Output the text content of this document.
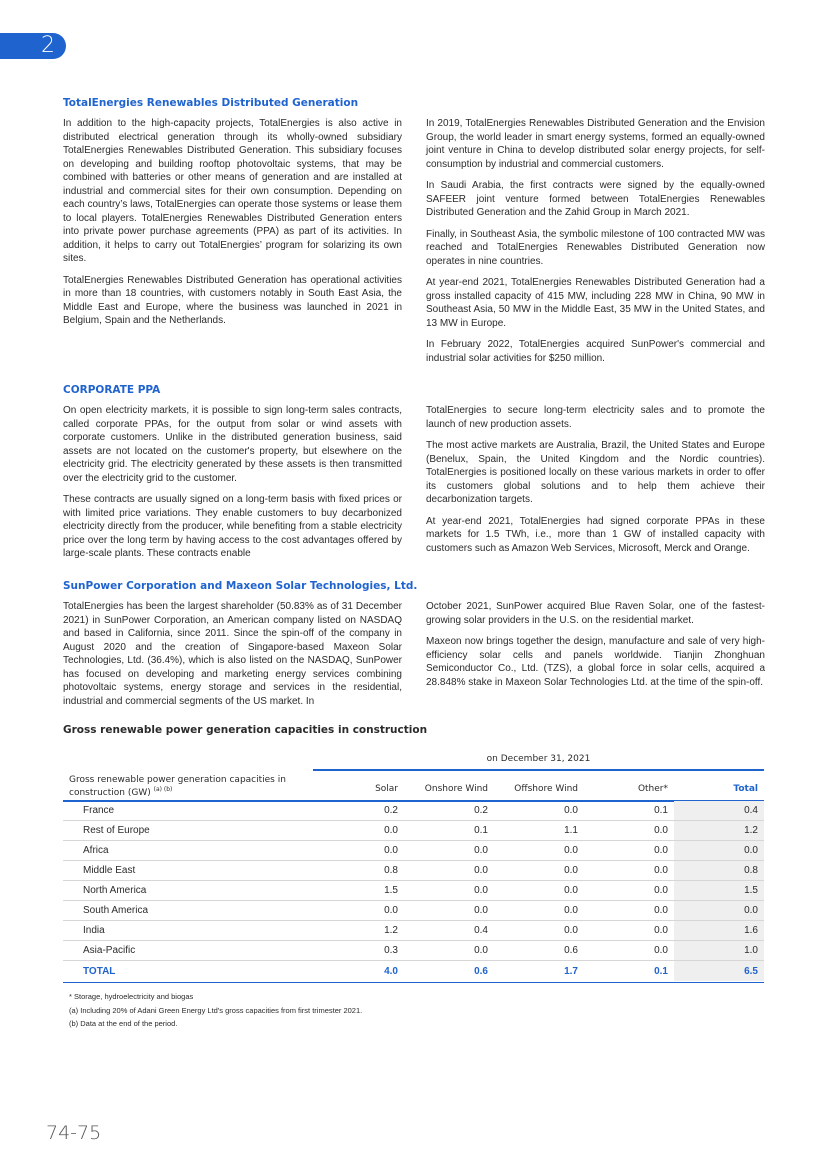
2
TotalEnergies Renewables Distributed Generation

In addition to the high-capacity projects, TotalEnergies is also active in distributed electrical generation through its wholly-owned subsidiary TotalEnergies Renewables Distributed Generation. This subsidiary focuses on developing and building rooftop photovoltaic systems, that may be combined with batteries or other means of generation and are installed at industrial and commercial sites for their own consumption. Depending on each country’s laws, TotalEnergies can operate those systems or lease them to local players. TotalEnergies Renewables Distributed Generation enters into private power purchase agreements (PPA) as part of its activities. In addition, it helps to carry out TotalEnergies’ program for solarizing its own sites.

TotalEnergies Renewables Distributed Generation has operational activities in more than 18 countries, with customers notably in South East Asia, the Middle East and Europe, where the business was launched in 2021 in Belgium, Spain and the Netherlands.

In 2019, TotalEnergies Renewables Distributed Generation and the Envision Group, the world leader in smart energy systems, formed an equally-owned joint venture in China to develop distributed solar energy projects, for self-consumption by industrial and commercial customers.

In Saudi Arabia, the first contracts were signed by the equally-owned SAFEER joint venture formed between TotalEnergies Renewables Distributed Generation and the Zahid Group in March 2021.

Finally, in Southeast Asia, the symbolic milestone of 100 contracted MW was reached and TotalEnergies Renewables Distributed Generation now operates in nine countries.

At year-end 2021, TotalEnergies Renewables Distributed Generation had a gross installed capacity of 415 MW, including 228 MW in China, 90 MW in Southeast Asia, 50 MW in the Middle East, 35 MW in the United States, and 13 MW in Europe.

In February 2022, TotalEnergies acquired SunPower's commercial and industrial solar activities for $250 million.

CORPORATE PPA

On open electricity markets, it is possible to sign long-term sales contracts, called corporate PPAs, for the output from solar or wind assets with corporate customers. Unlike in the distributed generation business, said assets are not located on the customer's property, but elsewhere on the electricity grid. The electricity generated by these assets is then transmitted over the electricity grid to the customer.

These contracts are usually signed on a long-term basis with fixed prices or with limited price variations. They enable customers to buy decarbonized electricity directly from the producer, while benefiting from a stable electricity price over the long term by having access to the cost advantages offered by large-scale plants. These contracts enable

TotalEnergies to secure long-term electricity sales and to promote the launch of new production assets.

The most active markets are Australia, Brazil, the United States and Europe (Benelux, Spain, the United Kingdom and the Nordic countries). TotalEnergies is positioned locally on these various markets in order to offer its customers global solutions and to help them achieve their decarbonization targets.

At year-end 2021, TotalEnergies had signed corporate PPAs in these markets for 1.5 TWh, i.e., more than 1 GW of installed capacity with customers such as Amazon Web Services, Microsoft, Merck and Orange.

SunPower Corporation and Maxeon Solar Technologies, Ltd.

TotalEnergies has been the largest shareholder (50.83% as of 31 December 2021) in SunPower Corporation, an American company listed on NASDAQ and based in California, since 2011. Since the spin-off of the company in August 2020 and the creation of Singapore-based Maxeon Solar Technologies, Ltd. (36.4%), which is also listed on the NASDAQ, SunPower has focused on developing and marketing energy services combining photovoltaic systems, energy storage and services in the residential, industrial and commercial segments of the US market. In

October 2021, SunPower acquired Blue Raven Solar, one of the fastest-growing solar providers in the U.S. on the residential market.

Maxeon now brings together the design, manufacture and sale of very high-efficiency solar cells and panels worldwide. Tianjin Zhonghuan Semiconductor Co., Ltd. (TZS), a global force in solar cells, acquired a 28.848% stake in Maxeon Solar Technologies Ltd. at the time of the spin-off.

Gross renewable power generation capacities in construction
on December 31, 2021
Gross renewable power generation capacities in construction (GW) $^{(a) (b)}$	Solar	Onshore Wind	Offshore Wind	Other*	Total
France	0.2	0.2	0.0	0.1	0.4
Rest of Europe	0.0	0.1	1.1	0.0	1.2
Africa	0.0	0.0	0.0	0.0	0.0
Middle East	0.8	0.0	0.0	0.0	0.8
North America	1.5	0.0	0.0	0.0	1.5
South America	0.0	0.0	0.0	0.0	0.0
India	1.2	0.4	0.0	0.0	1.6
Asia-Pacific	0.3	0.0	0.6	0.0	1.0
TOTAL	4.0	0.6	1.7	0.1	6.5
* Storage, hydroelectricity and biogas
(a) Including 20% of Adani Green Energy Ltd's gross capacities from first trimester 2021.
(b) Data at the end of the period.
74-75
